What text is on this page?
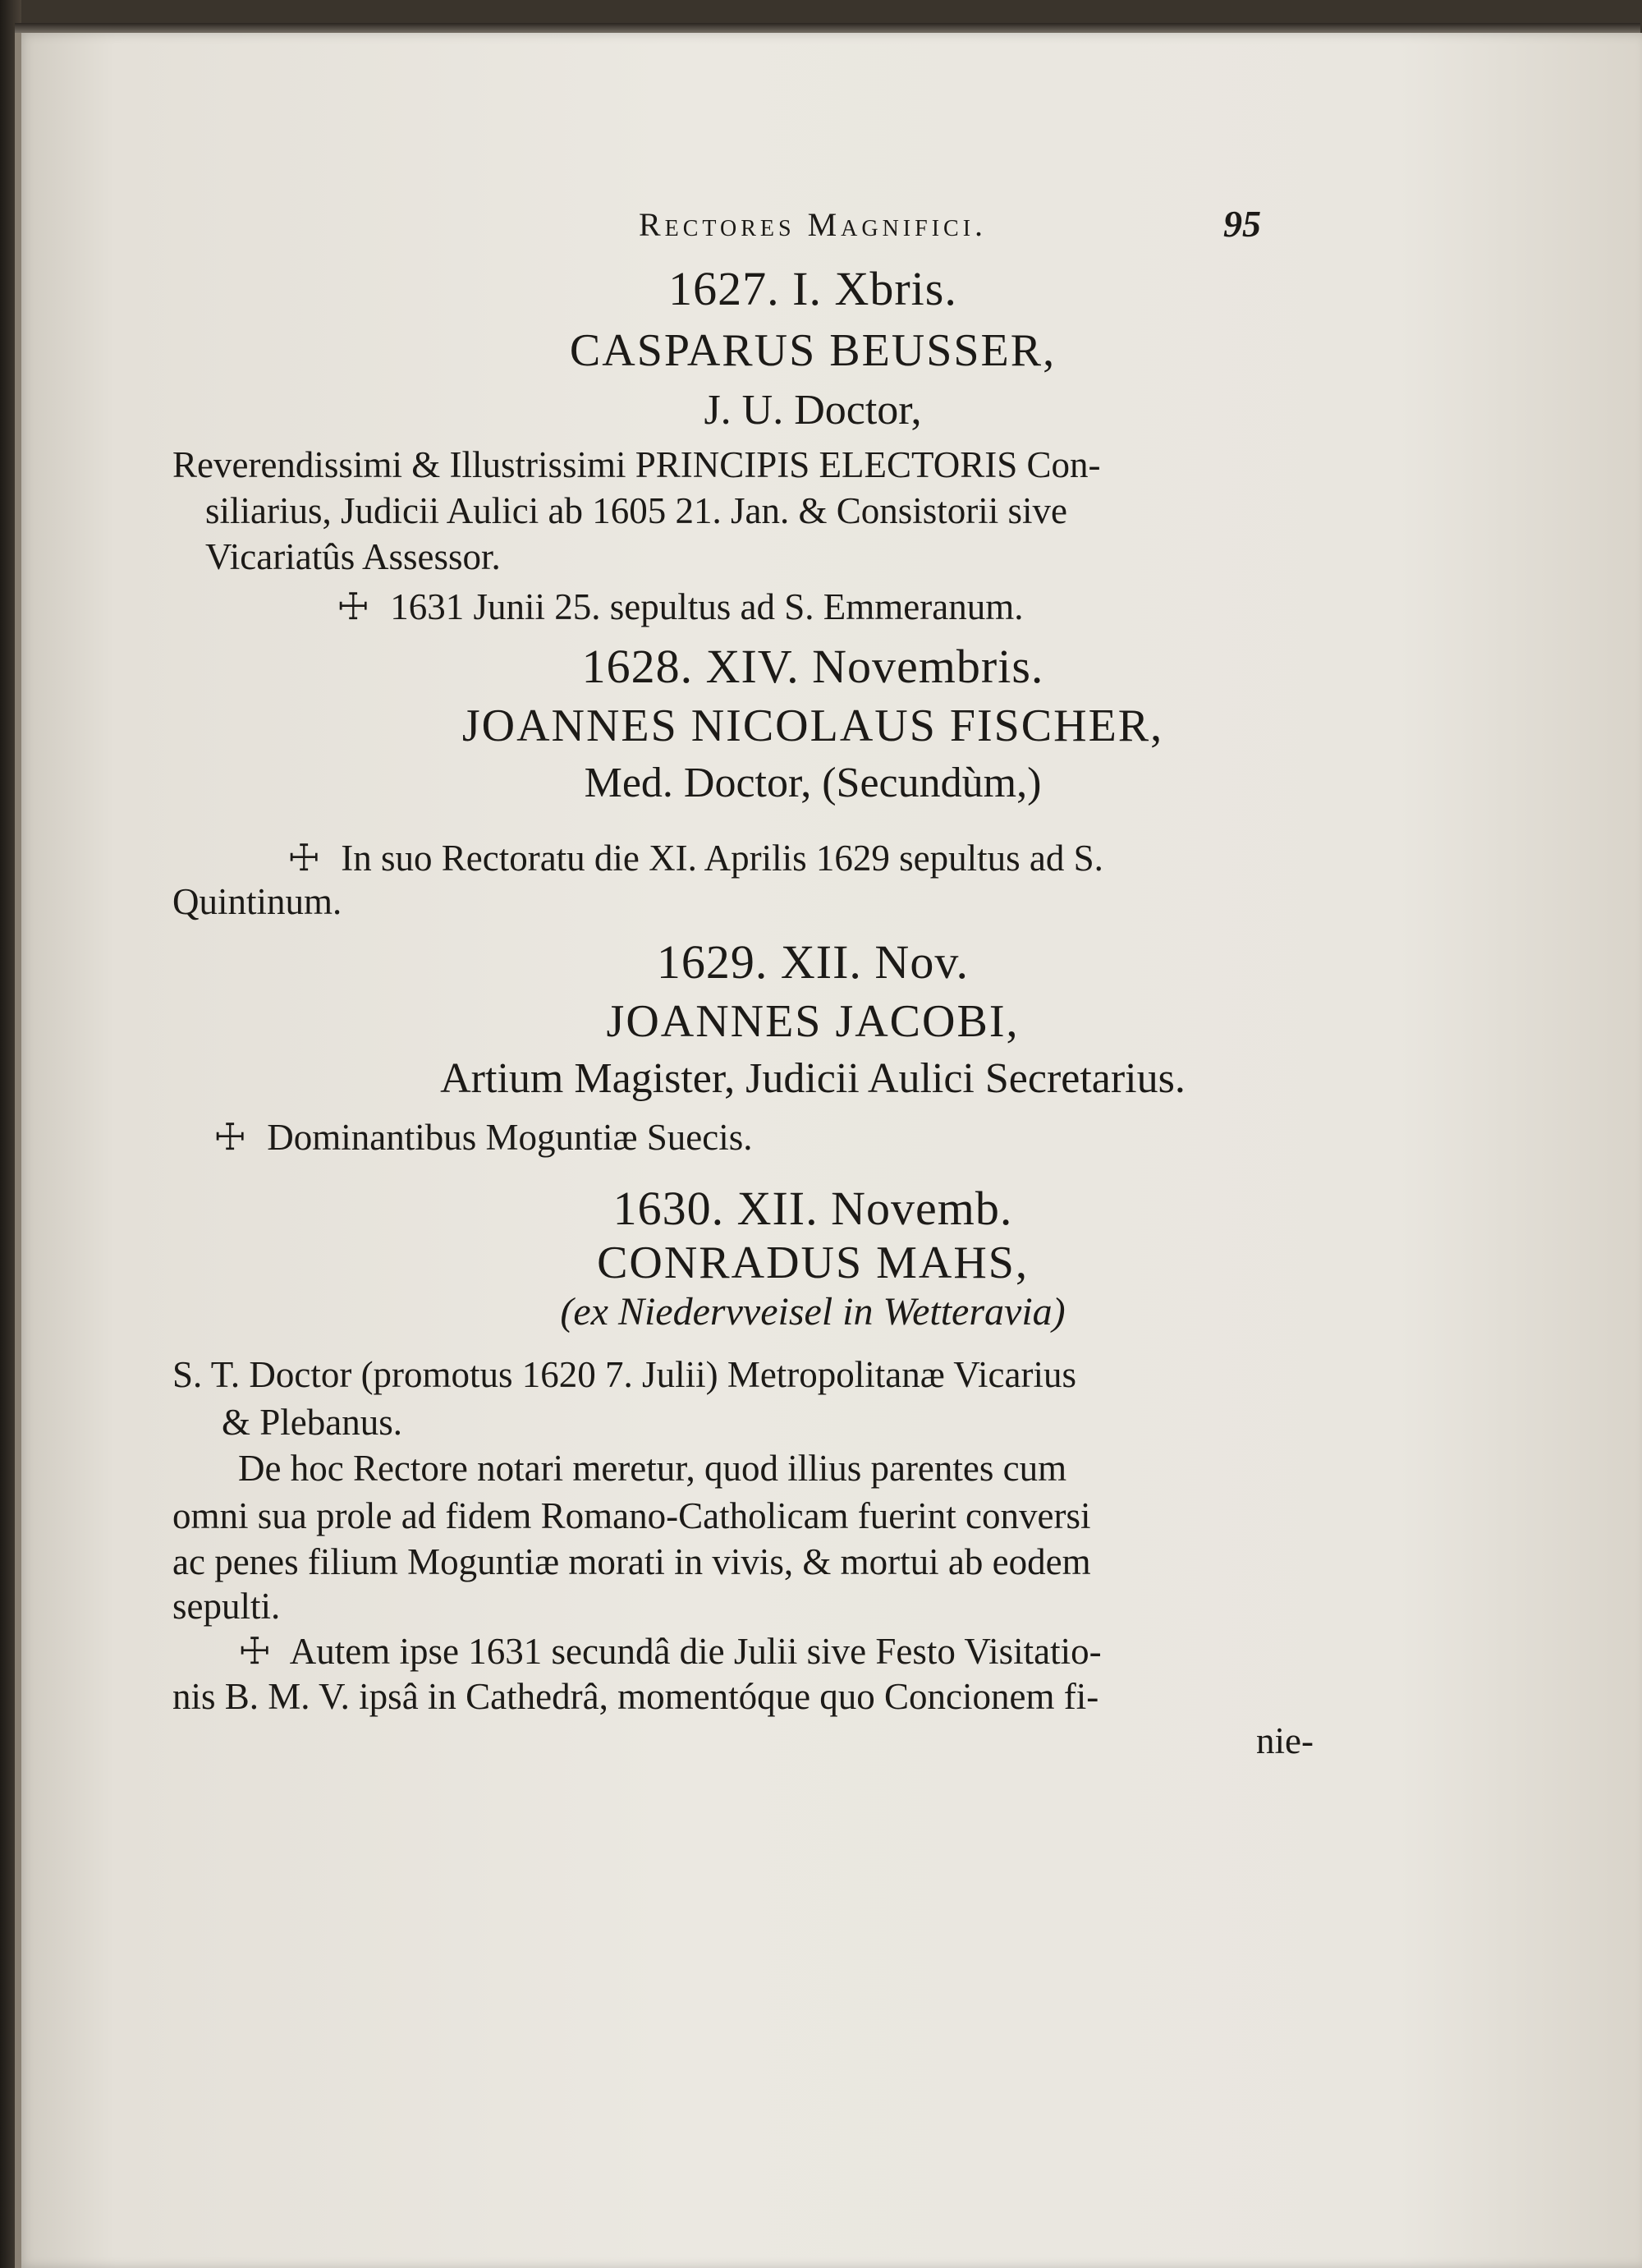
Rectores Magnifici.	95
1627. I. Xbris.
CASPARUS BEUSSER,
J. U. Doctor,
Reverendissimi & Illustrissimi PRINCIPIS ELECTORIS Con-
siliarius, Judicii Aulici ab 1605 21. Jan. & Consistorii sive
Vicariatûs Assessor.
☩ 1631 Junii 25. sepultus ad S. Emmeranum.
1628. XIV. Novembris.
JOANNES NICOLAUS FISCHER,
Med. Doctor, (Secundùm,)
☩ In suo Rectoratu die XI. Aprilis 1629 sepultus ad S.
Quintinum.
1629. XII. Nov.
JOANNES JACOBI,
Artium Magister, Judicii Aulici Secretarius.
☩ Dominantibus Moguntiæ Suecis.
1630. XII. Novemb.
CONRADUS MAHS,
(ex Niedervveisel in Wetteravia)
S. T. Doctor (promotus 1620 7. Julii) Metropolitanæ Vicarius
& Plebanus.
De hoc Rectore notari meretur, quod illius parentes cum
omni sua prole ad fidem Romano-Catholicam fuerint conversi
ac penes filium Moguntiæ morati in vivis, & mortui ab eodem
sepulti.
☩ Autem ipse 1631 secundâ die Julii sive Festo Visitatio-
nis B. M. V. ipsâ in Cathedrâ, momentóque quo Concionem fi-
nie-
